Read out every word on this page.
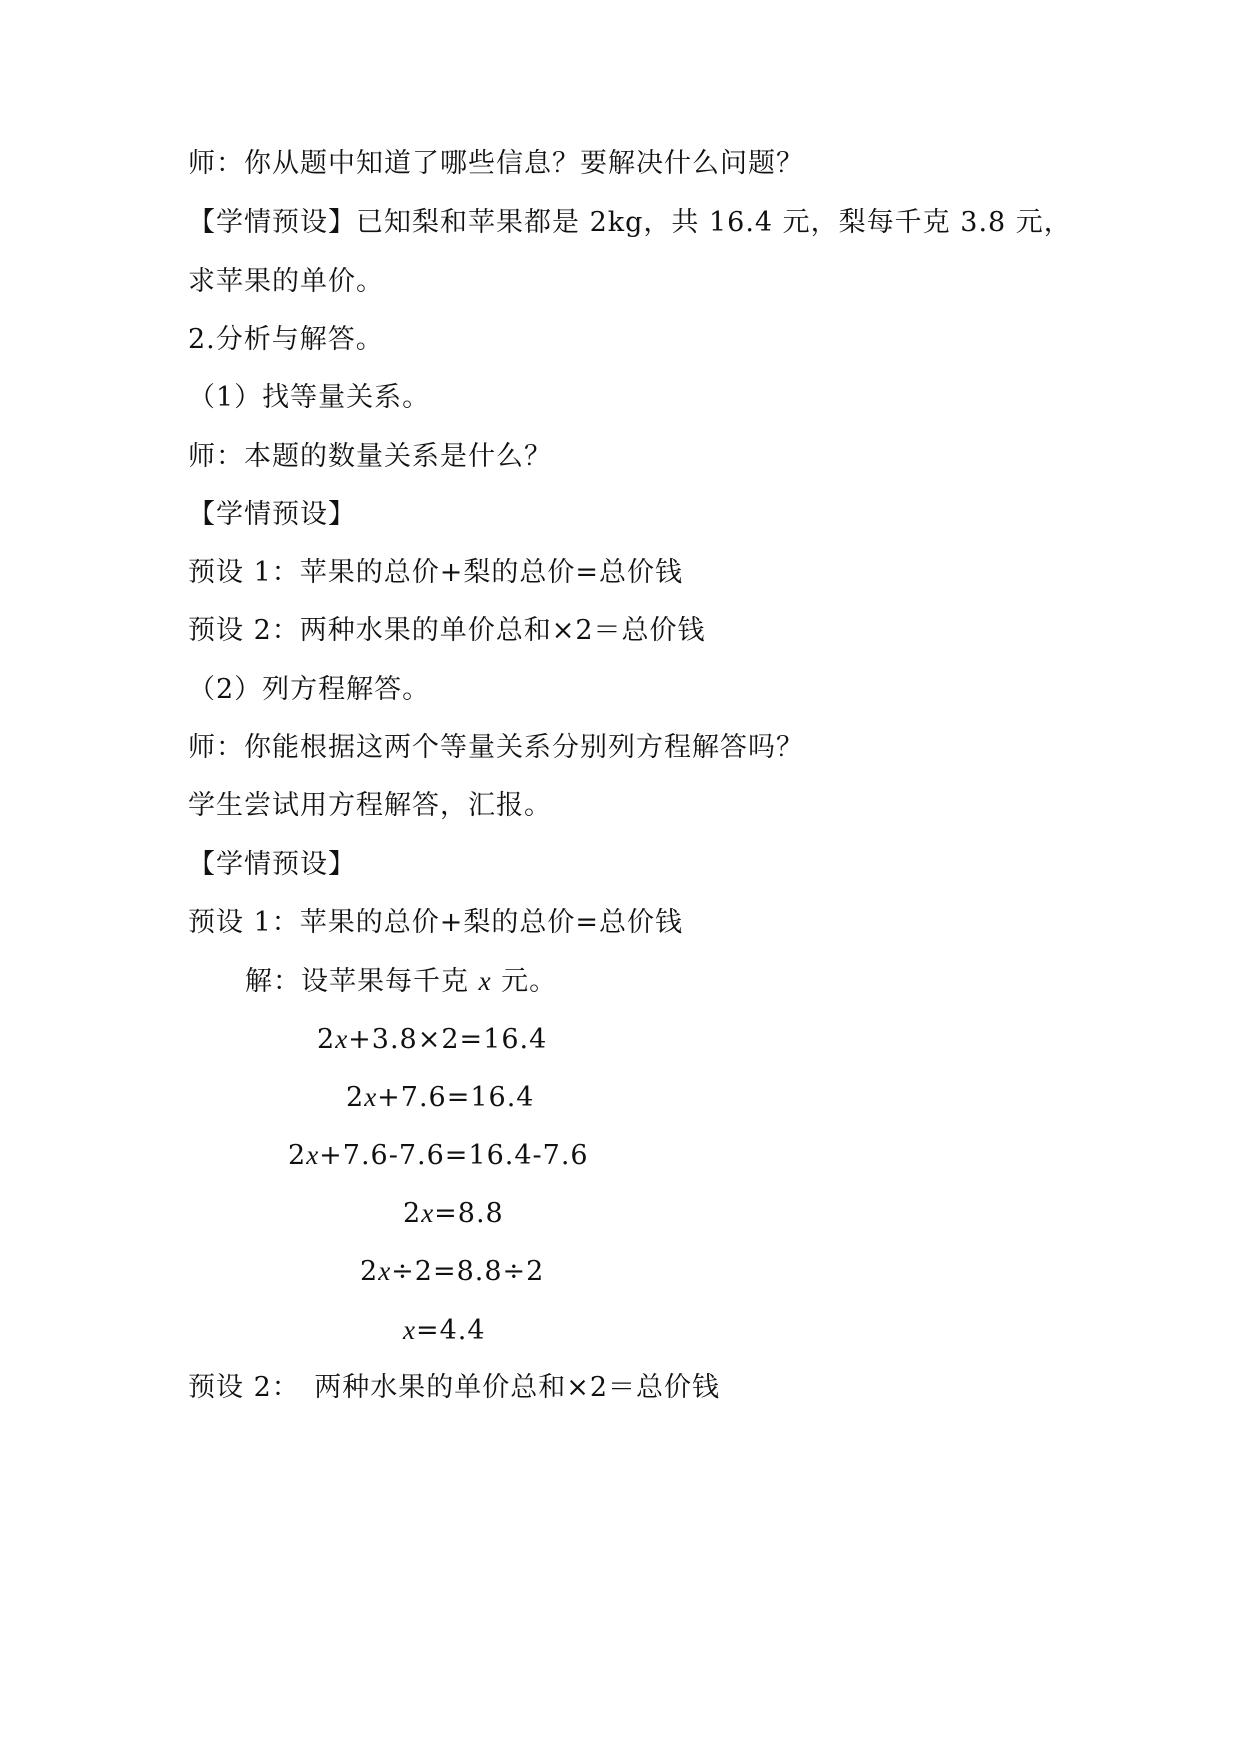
师：你从题中知道了哪些信息？要解决什么问题？
【学情预设】已知梨和苹果都是 2kg，共 16.4 元，梨每千克 3.8 元，
求苹果的单价。
2.分析与解答。
（1）找等量关系。
师：本题的数量关系是什么？
【学情预设】
预设 1：苹果的总价+梨的总价=总价钱
预设 2：两种水果的单价总和×2＝总价钱
（2）列方程解答。
师：你能根据这两个等量关系分别列方程解答吗？
学生尝试用方程解答，汇报。
【学情预设】
预设 1：苹果的总价+梨的总价=总价钱
解：设苹果每千克 x 元。
2x+3.8×2=16.4
2x+7.6=16.4
2x+7.6-7.6=16.4-7.6
2x=8.8
2x÷2=8.8÷2
x=4.4
预设 2：　两种水果的单价总和×2＝总价钱
